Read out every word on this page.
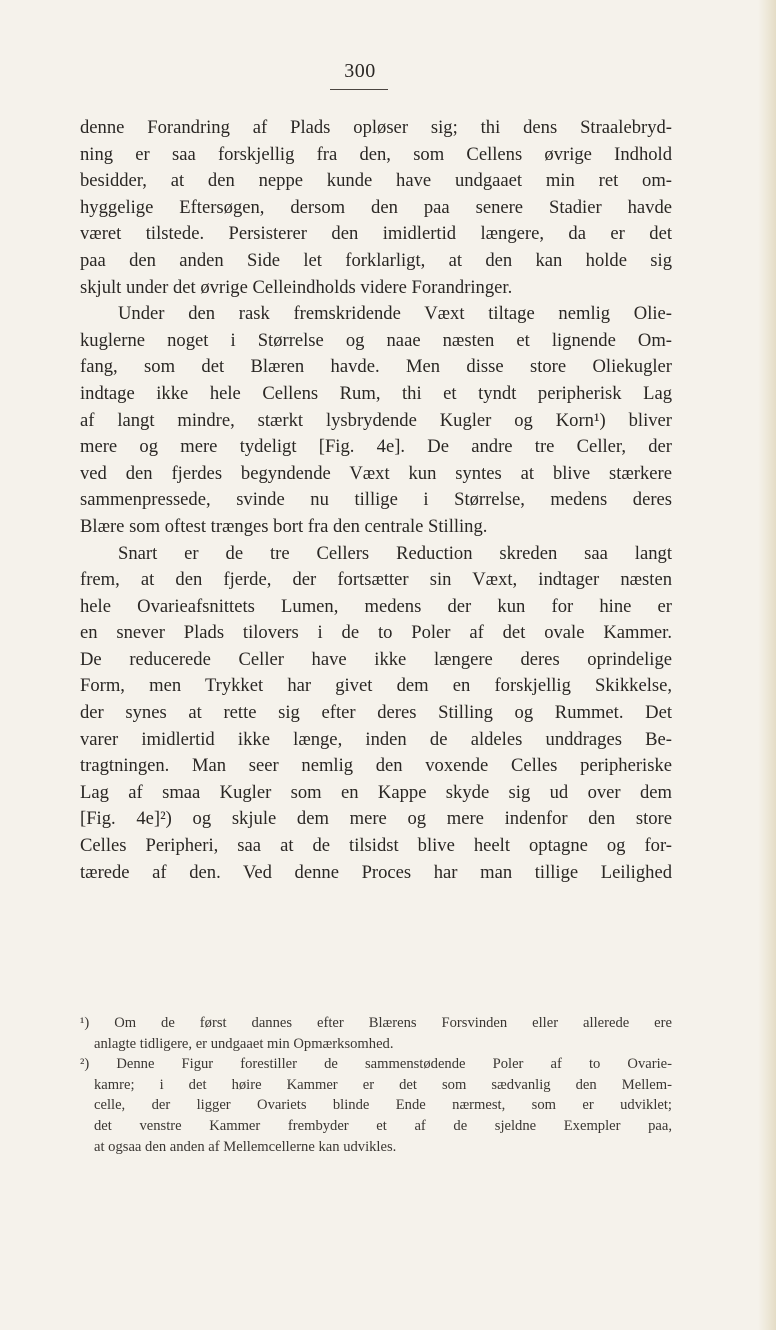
300
denne Forandring af Plads opløser sig; thi dens Straalebryd-
ning er saa forskjellig fra den, som Cellens øvrige Indhold
besidder, at den neppe kunde have undgaaet min ret om-
hyggelige Eftersøgen, dersom den paa senere Stadier havde
været tilstede. Persisterer den imidlertid længere, da er det
paa den anden Side let forklarligt, at den kan holde sig
skjult under det øvrige Celleindholds videre Forandringer.
Under den rask fremskridende Væxt tiltage nemlig Olie-
kuglerne noget i Størrelse og naae næsten et lignende Om-
fang, som det Blæren havde. Men disse store Oliekugler
indtage ikke hele Cellens Rum, thi et tyndt peripherisk Lag
af langt mindre, stærkt lysbrydende Kugler og Korn¹) bliver
mere og mere tydeligt [Fig. 4e]. De andre tre Celler, der
ved den fjerdes begyndende Væxt kun syntes at blive stærkere
sammenpressede, svinde nu tillige i Størrelse, medens deres
Blære som oftest trænges bort fra den centrale Stilling.
Snart er de tre Cellers Reduction skreden saa langt
frem, at den fjerde, der fortsætter sin Væxt, indtager næsten
hele Ovarieafsnittets Lumen, medens der kun for hine er
en snever Plads tilovers i de to Poler af det ovale Kammer.
De reducerede Celler have ikke længere deres oprindelige
Form, men Trykket har givet dem en forskjellig Skikkelse,
der synes at rette sig efter deres Stilling og Rummet. Det
varer imidlertid ikke længe, inden de aldeles unddrages Be-
tragtningen. Man seer nemlig den voxende Celles peripheriske
Lag af smaa Kugler som en Kappe skyde sig ud over dem
[Fig. 4e]²) og skjule dem mere og mere indenfor den store
Celles Peripheri, saa at de tilsidst blive heelt optagne og for-
tærede af den. Ved denne Proces har man tillige Leilighed
¹) Om de først dannes efter Blærens Forsvinden eller allerede ere
anlagte tidligere, er undgaaet min Opmærksomhed.
²) Denne Figur forestiller de sammenstødende Poler af to Ovarie-
kamre; i det høire Kammer er det som sædvanlig den Mellem-
celle, der ligger Ovariets blinde Ende nærmest, som er udviklet;
det venstre Kammer frembyder et af de sjeldne Exempler paa,
at ogsaa den anden af Mellemcellerne kan udvikles.
